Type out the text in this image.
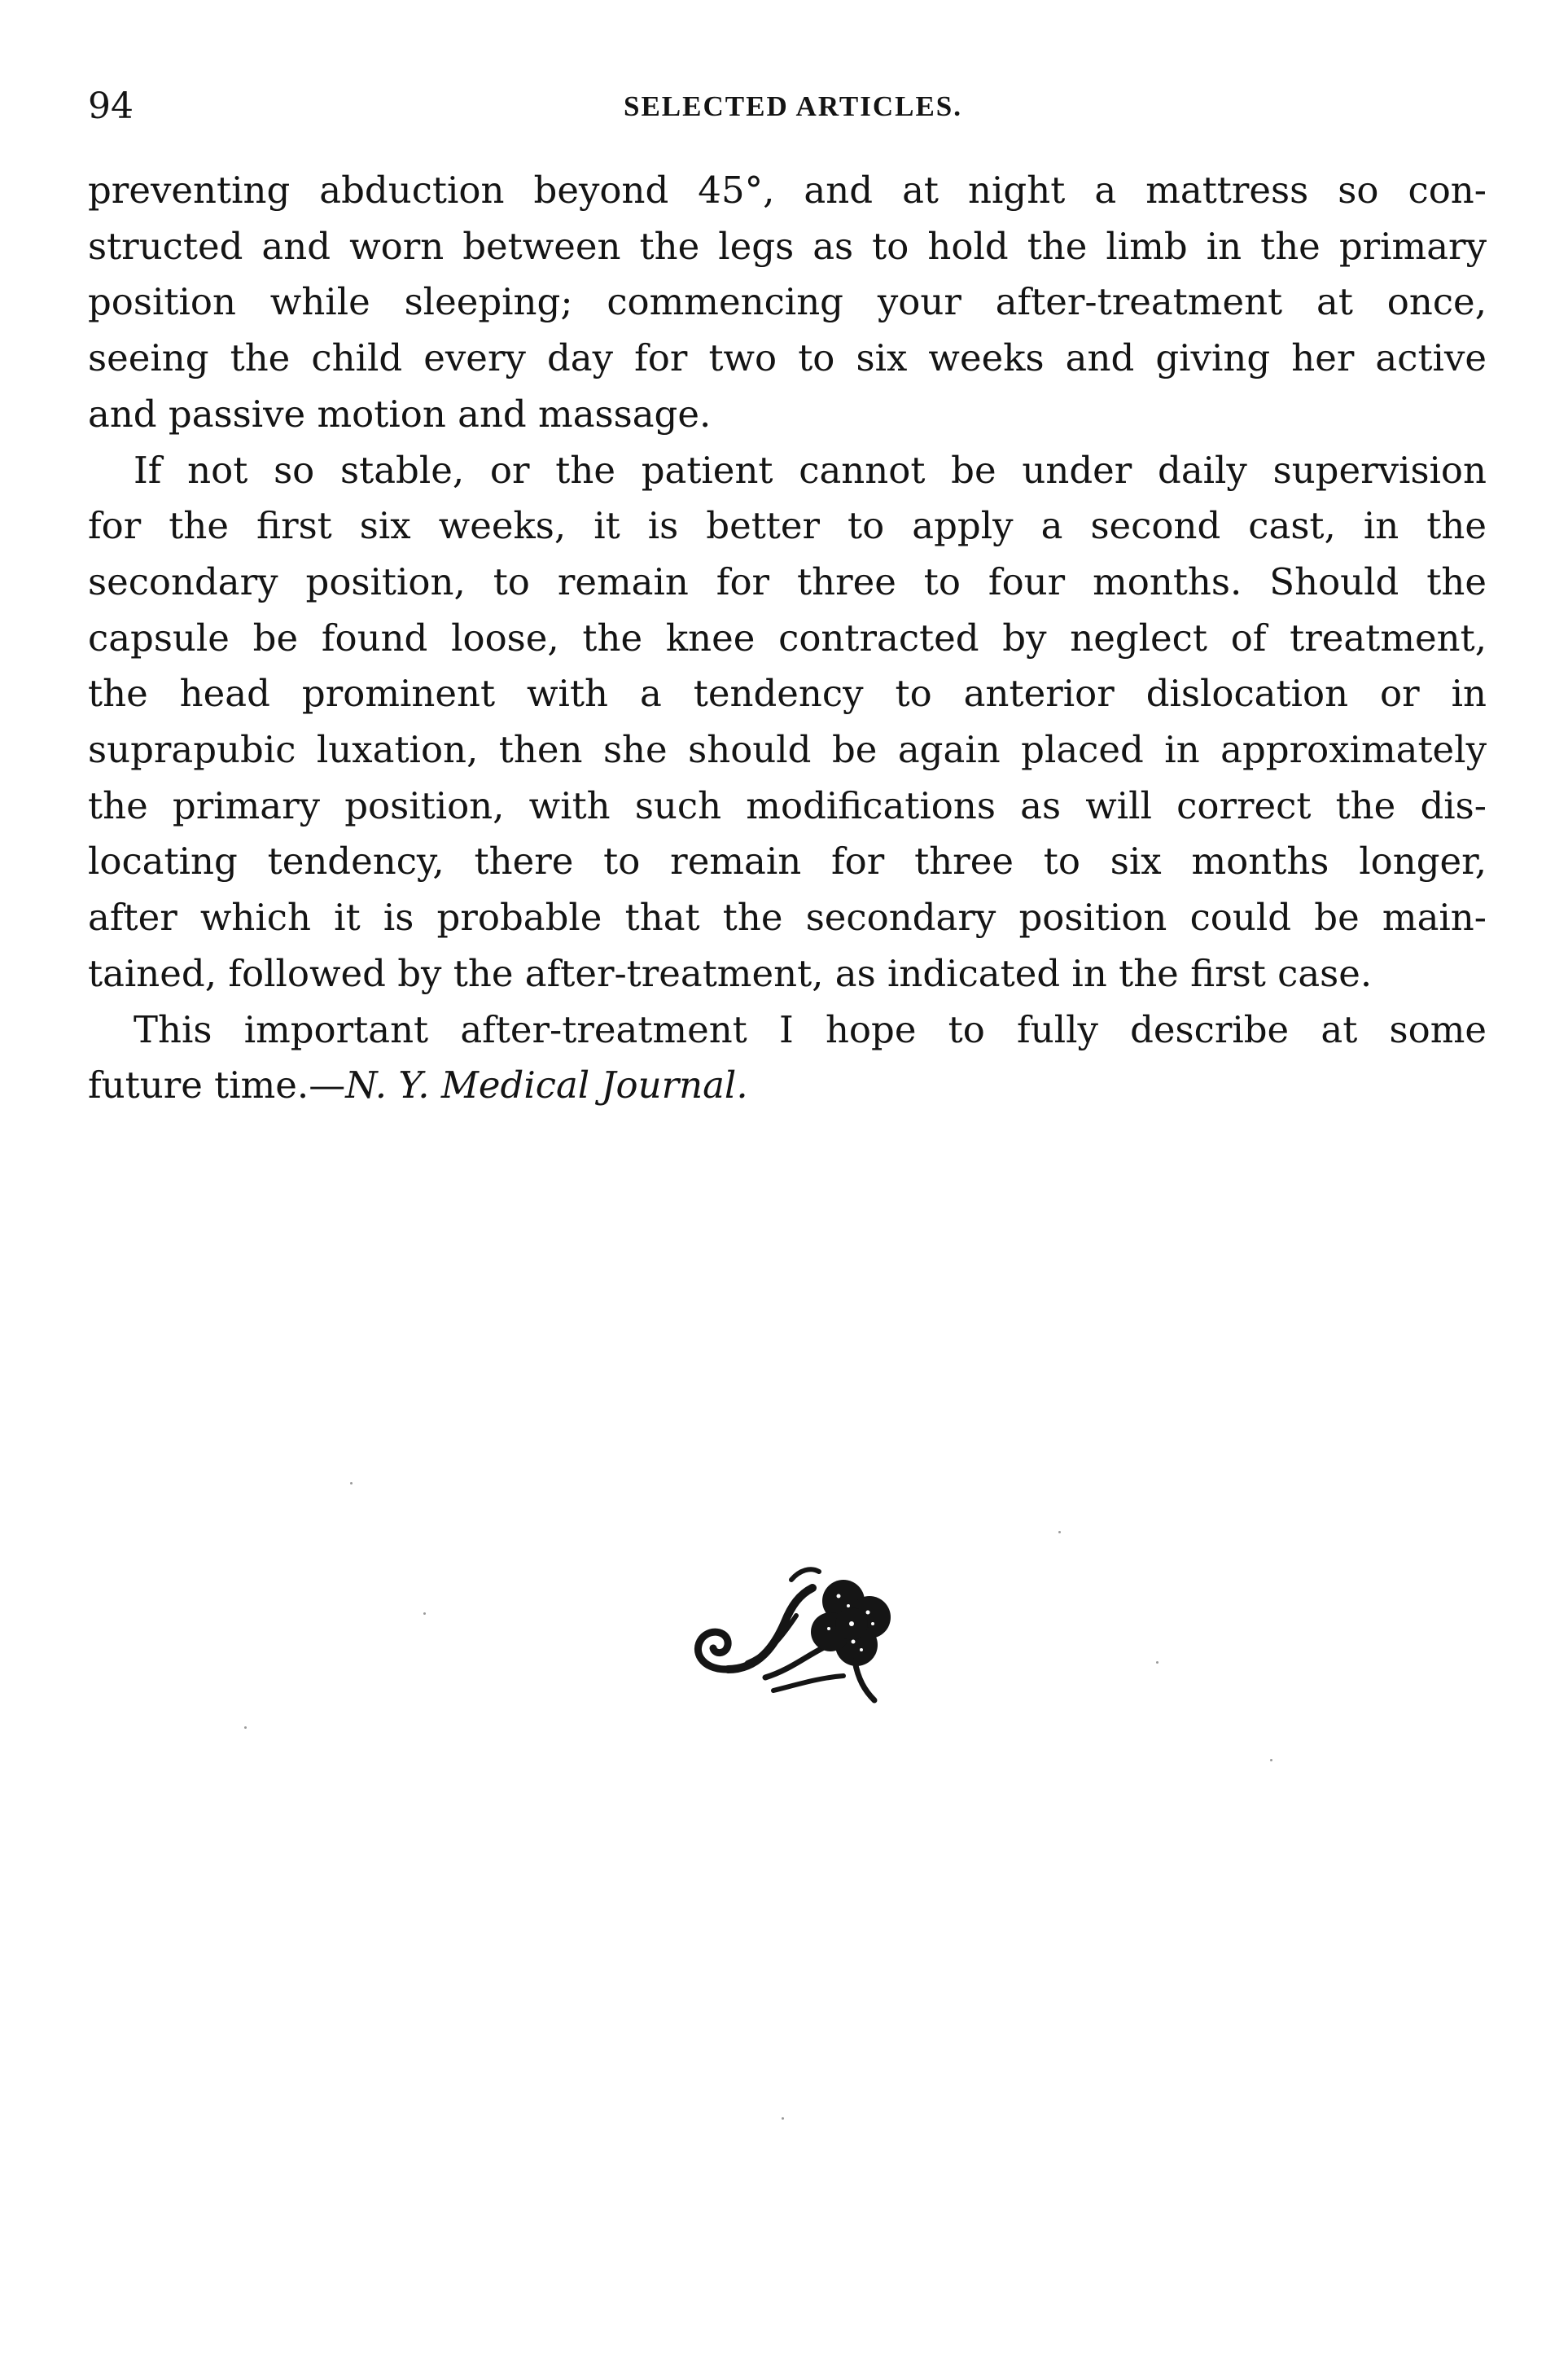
94	SELECTED ARTICLES.

preventing abduction beyond 45°, and at night a mattress so con-

structed and worn between the legs as to hold the limb in the primary

position while sleeping; commencing your after-treatment at once,

seeing the child every day for two to six weeks and giving her active

and passive motion and massage.

If not so stable, or the patient cannot be under daily supervision

for the first six weeks, it is better to apply a second cast, in the

secondary position, to remain for three to four months. Should the

capsule be found loose, the knee contracted by neglect of treatment,

the head prominent with a tendency to anterior dislocation or in

suprapubic luxation, then she should be again placed in approximately

the primary position, with such modifications as will correct the dis-

locating tendency, there to remain for three to six months longer,

after which it is probable that the secondary position could be main-

tained, followed by the after-treatment, as indicated in the first case.

This important after-treatment I hope to fully describe at some

future time.—N. Y. Medical Journal.
